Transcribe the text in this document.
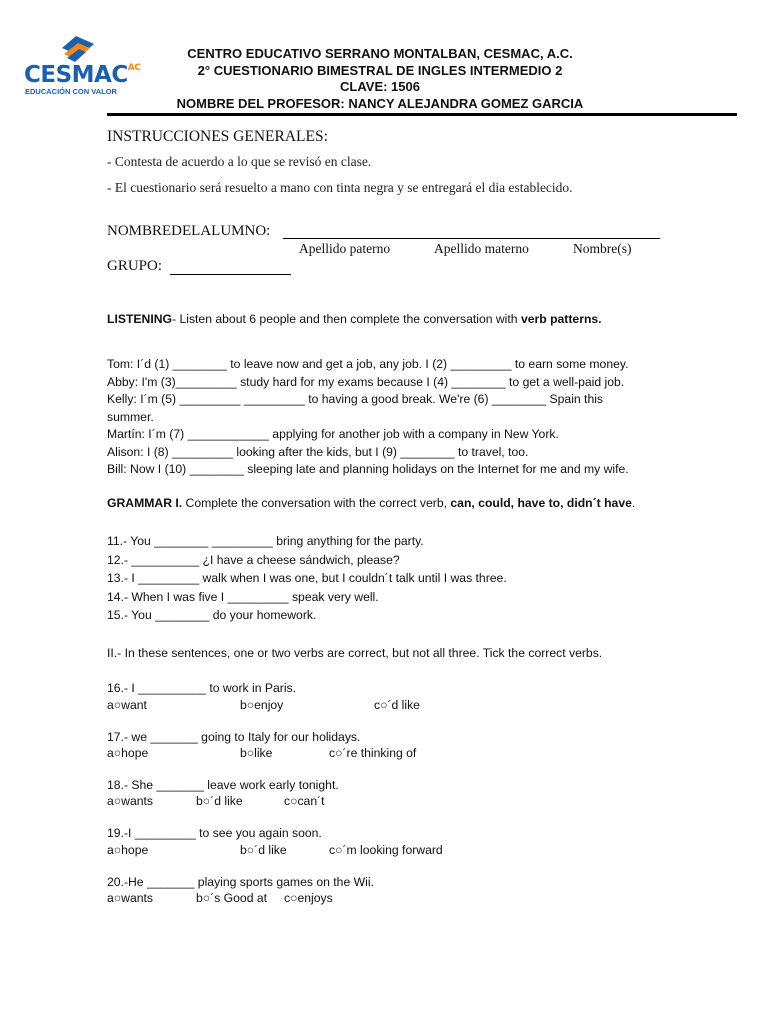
$CESMAC^{AC}$
EDUCACIÓN CON VALOR
CENTRO EDUCATIVO SERRANO MONTALBAN, CESMAC, A.C.
2° CUESTIONARIO BIMESTRAL DE INGLES INTERMEDIO 2
CLAVE: 1506
NOMBRE DEL PROFESOR: NANCY ALEJANDRA GOMEZ GARCIA
INSTRUCCIONES GENERALES:
- Contesta de acuerdo a lo que se revisó en clase.
- El cuestionario será resuelto a mano con tinta negra y se entregará el dia establecido.
NOMBREDELALUMNO:
Apellido paterno	Apellido materno	Nombre(s)
GRUPO:
LISTENING- Listen about 6 people and then complete the conversation with verb patterns.
Tom: I´d (1) ________ to leave now and get a job, any job. I (2) _________ to earn some money.
Abby: I'm (3)_________ study hard for my exams because I (4) ________ to get a well-paid job.
Kelly: I´m (5) _________ _________ to having a good break. We're (6) ________ Spain this
summer.
Martín: I´m (7) ____________ applying for another job with a company in New York.
Alison: I (8) _________ looking after the kids, but I (9) ________ to travel, too.
Bill: Now I (10) ________ sleeping late and planning holidays on the Internet for me and my wife.
GRAMMAR I. Complete the conversation with the correct verb, can, could, have to, didn´t have.
11.- You ________ _________ bring anything for the party.
12.- __________ ¿I have a cheese sándwich, please?
13.- I _________ walk when I was one, but I couldn´t talk until I was three.
14.- When I was five I _________ speak very well.
15.- You ________ do your homework.
II.- In these sentences, one or two verbs are correct, but not all three. Tick the correct verbs.
16.- I __________ to work in Paris.
a○want	b○enjoy	c○´d like
17.- we _______ going to Italy for our holidays.
a○hope	b○like	c○´re thinking of
18.- She _______ leave work early tonight.
a○wants	b○´d like	c○can´t
19.-I _________ to see you again soon.
a○hope	b○´d like	c○´m looking forward
20.-He _______ playing sports games on the Wii.
a○wants	b○´s Good at c○enjoys
